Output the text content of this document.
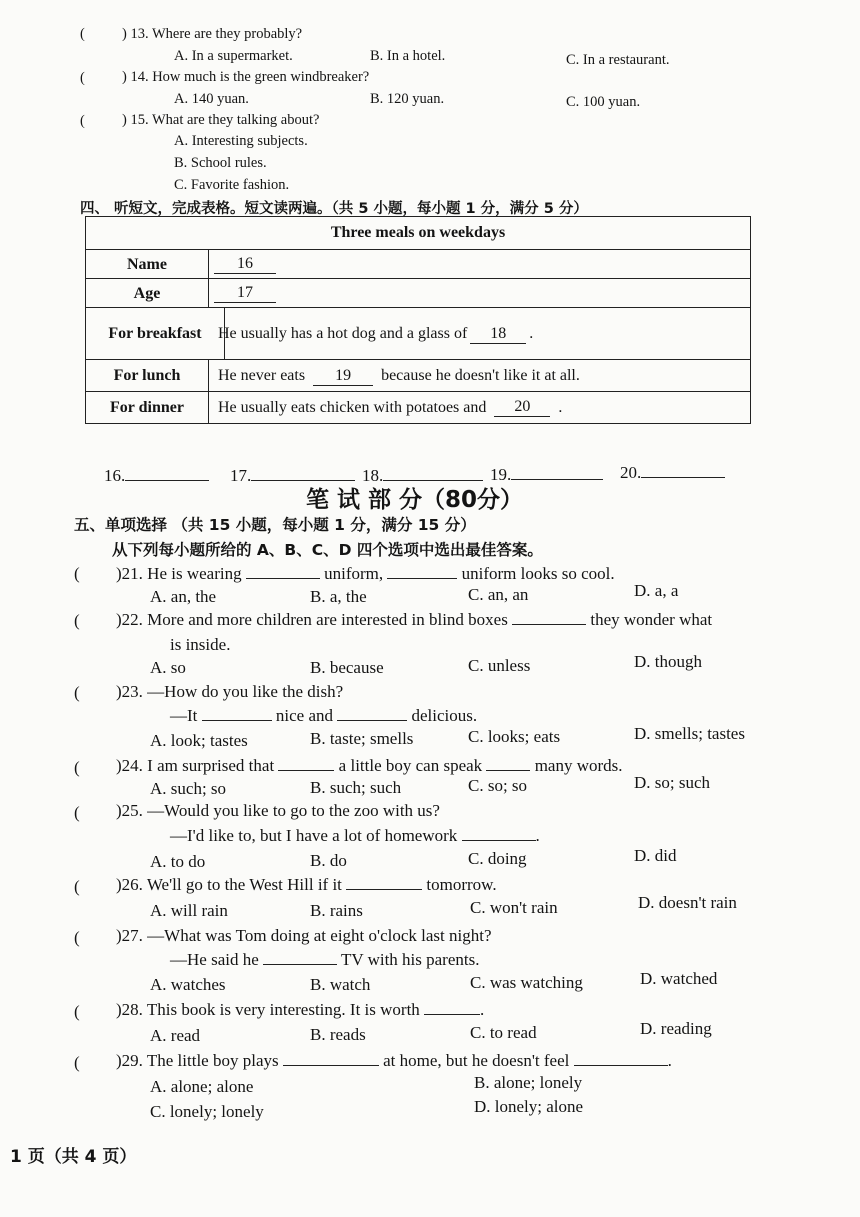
(	) 13. Where are they probably?
A. In a supermarket.	B. In a hotel.	C. In a restaurant.
(	) 14. How much is the green windbreaker?
A. 140 yuan.	B. 120 yuan.	C. 100 yuan.
(	) 15. What are they talking about?
A. Interesting subjects.
B. School rules.
C. Favorite fashion.
四、 听短文，完成表格。短文读两遍。（共 5 小题，每小题 1 分，满分 5 分）
Three meals on weekdays
Name	16
Age	17
For breakfast	He usually has a hot dog and a glass of	18	.
For lunch	He never eats	19	because he doesn't like it at all.
For dinner	He usually eats chicken with potatoes and	20	.
16.	17.	18.	19.	20.
笔 试 部 分（80分）
五、单项选择 （共 15 小题，每小题 1 分，满分 15 分）
从下列每小题所给的 A、B、C、D 四个选项中选出最佳答案。
( )21. He is wearing	uniform,	uniform looks so cool.
A. an, the	B. a, the	C. an, an	D. a, a
( )22. More and more children are interested in blind boxes	they wonder what
is inside.
A. so	B. because	C. unless	D. though
( )23. —How do you like the dish?
—It	nice and	delicious.
A. look; tastes	B. taste; smells	C. looks; eats	D. smells; tastes
( )24. I am surprised that	a little boy can speak	many words.
A. such; so	B. such; such	C. so; so	D. so; such
( )25. —Would you like to go to the zoo with us?
—I'd like to, but I have a lot of homework	.
A. to do	B. do	C. doing	D. did
( )26. We'll go to the West Hill if it	tomorrow.
A. will rain	B. rains	C. won't rain	D. doesn't rain
( )27. —What was Tom doing at eight o'clock last night?
—He said he	TV with his parents.
A. watches	B. watch	C. was watching	D. watched
( )28. This book is very interesting. It is worth	.
A. read	B. reads	C. to read	D. reading
( )29. The little boy plays	at home, but he doesn't feel	.
A. alone; alone	B. alone; lonely
C. lonely; lonely	D. lonely; alone
1 页（共 4 页）
